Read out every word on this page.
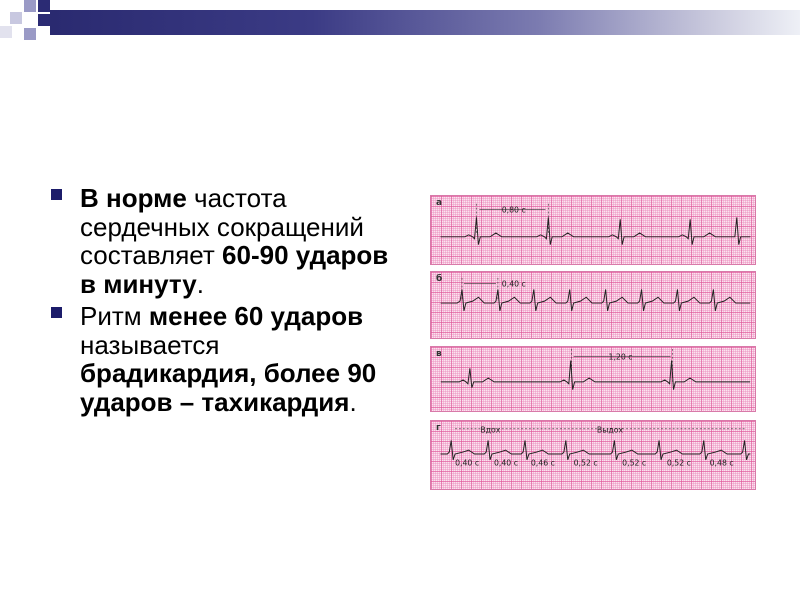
В норме частота сердечных сокращений составляет 60-90 ударов в минуту.
Ритм менее 60 ударов называется брадикардия, более 90 ударов – тахикардия.
а
0,80 с
б
0,40 с
в	1,20 с
г	Вдох	Выдох
0,40 с 0,40 с 0,46 с 0,52 с	0,52 с	0,52 с 0,48 с
